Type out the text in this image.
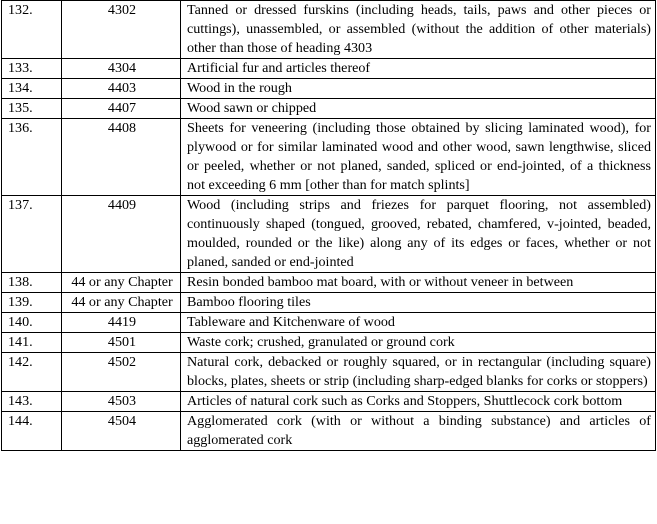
132.	4302	Tanned or dressed furskins (including heads, tails, paws and other pieces or cuttings), unassembled, or assembled (without the addition of other materials) other than those of heading 4303
133.	4304	Artificial fur and articles thereof
134.	4403	Wood in the rough
135.	4407	Wood sawn or chipped
136.	4408	Sheets for veneering (including those obtained by slicing laminated wood), for plywood or for similar laminated wood and other wood, sawn lengthwise, sliced or peeled, whether or not planed, sanded, spliced or end-jointed, of a thickness not exceeding 6 mm [other than for match splints]
137.	4409	Wood (including strips and friezes for parquet flooring, not assembled) continuously shaped (tongued, grooved, rebated, chamfered, v-jointed, beaded, moulded, rounded or the like) along any of its edges or faces, whether or not planed, sanded or end-jointed
138.	44 or any Chapter	Resin bonded bamboo mat board, with or without veneer in between
139.	44 or any Chapter	Bamboo flooring tiles
140.	4419	Tableware and Kitchenware of wood
141.	4501	Waste cork; crushed, granulated or ground cork
142.	4502	Natural cork, debacked or roughly squared, or in rectangular (including square) blocks, plates, sheets or strip (including sharp-edged blanks for corks or stoppers)
143.	4503	Articles of natural cork such as Corks and Stoppers, Shuttlecock cork bottom
144.	4504	Agglomerated cork (with or without a binding substance) and articles of agglomerated cork
